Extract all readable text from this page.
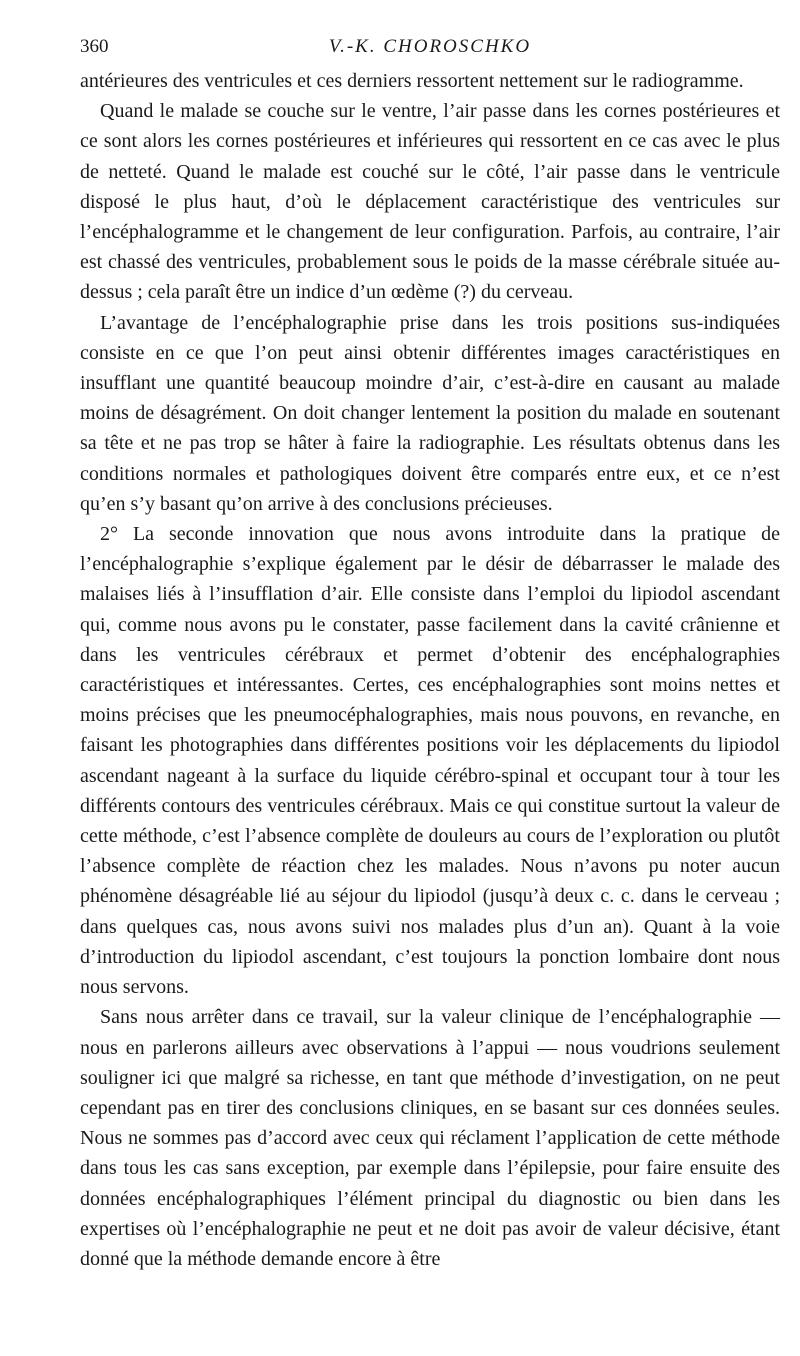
360	V.-K. CHOROSCHKO

antérieures des ventricules et ces derniers ressortent nettement sur le radiogramme.

Quand le malade se couche sur le ventre, l’air passe dans les cornes postérieures et ce sont alors les cornes postérieures et inférieures qui ressortent en ce cas avec le plus de netteté. Quand le malade est couché sur le côté, l’air passe dans le ventricule disposé le plus haut, d’où le déplacement caractéristique des ventricules sur l’encéphalogramme et le changement de leur configuration. Parfois, au contraire, l’air est chassé des ventricules, probablement sous le poids de la masse cérébrale située au-dessus ; cela paraît être un indice d’un œdème (?) du cerveau.

L’avantage de l’encéphalographie prise dans les trois positions sus-indiquées consiste en ce que l’on peut ainsi obtenir différentes images caractéristiques en insufflant une quantité beaucoup moindre d’air, c’est-à-dire en causant au malade moins de désagrément. On doit changer lentement la position du malade en soutenant sa tête et ne pas trop se hâter à faire la radiographie. Les résultats obtenus dans les conditions normales et pathologiques doivent être comparés entre eux, et ce n’est qu’en s’y basant qu’on arrive à des conclusions précieuses.

2° La seconde innovation que nous avons introduite dans la pratique de l’encéphalographie s’explique également par le désir de débarrasser le malade des malaises liés à l’insufflation d’air. Elle consiste dans l’emploi du lipiodol ascendant qui, comme nous avons pu le constater, passe facilement dans la cavité crânienne et dans les ventricules cérébraux et permet d’obtenir des encéphalographies caractéristiques et intéressantes. Certes, ces encéphalographies sont moins nettes et moins précises que les pneumocéphalographies, mais nous pouvons, en revanche, en faisant les photographies dans différentes positions voir les déplacements du lipiodol ascendant nageant à la surface du liquide cérébro-spinal et occupant tour à tour les différents contours des ventricules cérébraux. Mais ce qui constitue surtout la valeur de cette méthode, c’est l’absence complète de douleurs au cours de l’exploration ou plutôt l’absence complète de réaction chez les malades. Nous n’avons pu noter aucun phénomène désagréable lié au séjour du lipiodol (jusqu’à deux c. c. dans le cerveau ; dans quelques cas, nous avons suivi nos malades plus d’un an). Quant à la voie d’introduction du lipiodol ascendant, c’est toujours la ponction lombaire dont nous nous servons.

Sans nous arrêter dans ce travail, sur la valeur clinique de l’encéphalographie — nous en parlerons ailleurs avec observations à l’appui — nous voudrions seulement souligner ici que malgré sa richesse, en tant que méthode d’investigation, on ne peut cependant pas en tirer des conclusions cliniques, en se basant sur ces données seules. Nous ne sommes pas d’accord avec ceux qui réclament l’application de cette méthode dans tous les cas sans exception, par exemple dans l’épilepsie, pour faire ensuite des données encéphalographiques l’élément principal du diagnostic ou bien dans les expertises où l’encéphalographie ne peut et ne doit pas avoir de valeur décisive, étant donné que la méthode demande encore à être
